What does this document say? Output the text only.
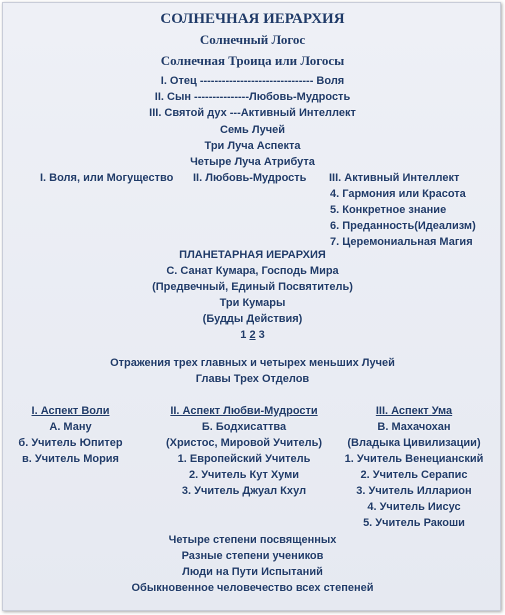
СОЛНЕЧНАЯ ИЕРАРХИЯ
Солнечный Логос
Солнечная Троица или Логосы
I. Отец ------------------------------- Воля
II. Сын ---------------Любовь-Мудрость
III. Святой дух ---Активный Интеллект
Семь Лучей
Три Луча Аспекта
Четыре Луча Атрибута
I. Воля, или Могущество II. Любовь-Мудрость III. Активный Интеллект
4. Гармония или Красота
5. Конкретное знание
6. Преданность(Идеализм)
7. Церемониальная Магия
ПЛАНЕТАРНАЯ ИЕРАРХИЯ
С. Санат Кумара, Господь Мира
(Предвечный, Единый Посвятитель)
Три Кумары
(Будды Действия)
1 2 3
Отражения трех главных и четырех меньших Лучей
Главы Трех Отделов
I. Аспект Воли
А. Ману
б. Учитель Юпитер
в. Учитель Мория
II. Аспект Любви-Мудрости
Б. Бодхисаттва
(Христос, Мировой Учитель)
1. Европейский Учитель
2. Учитель Кут Хуми
3. Учитель Джуал Кхул
III. Аспект Ума
В. Махачохан
(Владыка Цивилизации)
1. Учитель Венецианский
2. Учитель Серапис
3. Учитель Илларион
4. Учитель Иисус
5. Учитель Ракоши
Четыре степени посвященных
Разные степени учеников
Люди на Пути Испытаний
Обыкновенное человечество всех степеней
